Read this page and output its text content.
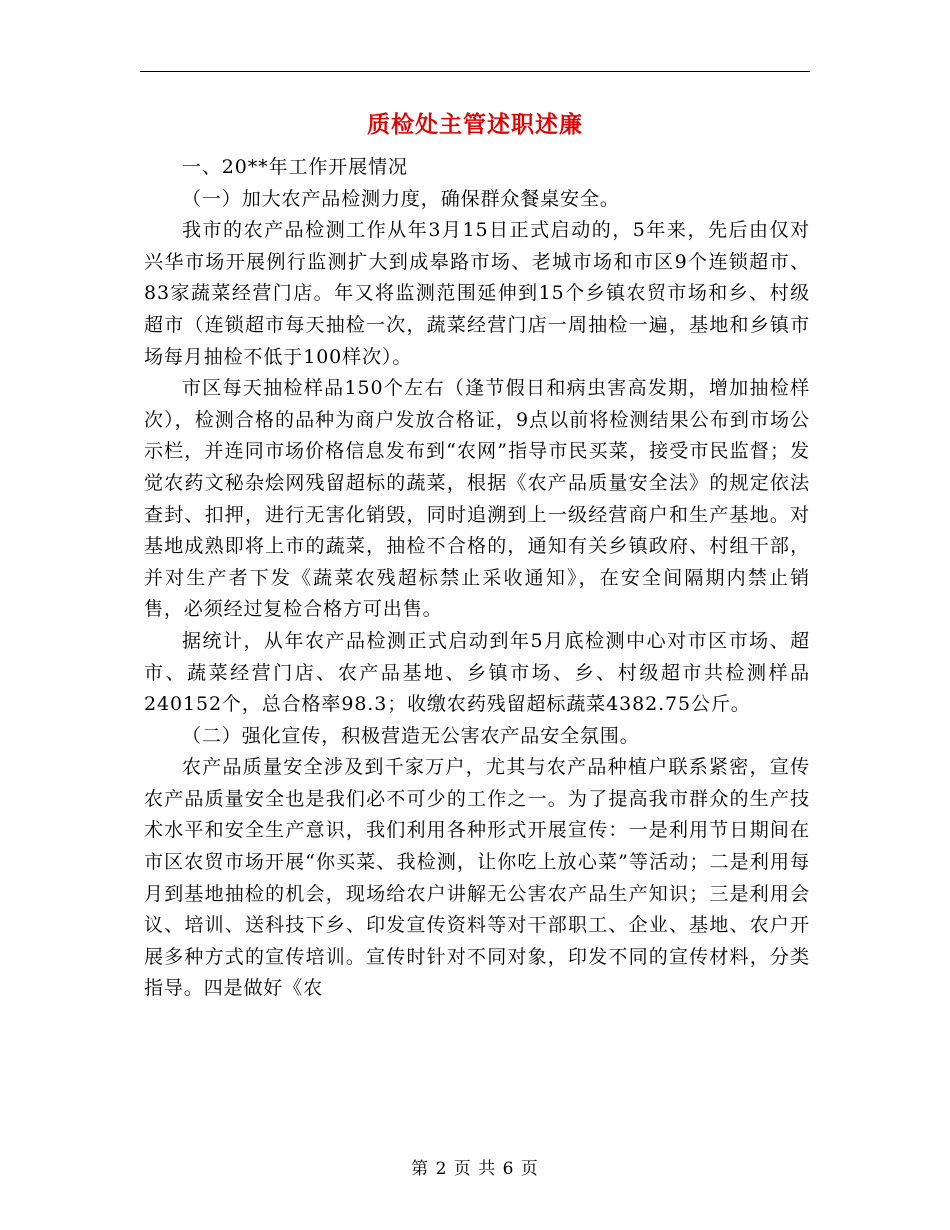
质检处主管述职述廉

一、20**年工作开展情况

（一）加大农产品检测力度，确保群众餐桌安全。

我市的农产品检测工作从年3月15日正式启动的，5年来，先后由仅对兴华市场开展例行监测扩大到成皋路市场、老城市场和市区9个连锁超市、83家蔬菜经营门店。年又将监测范围延伸到15个乡镇农贸市场和乡、村级超市（连锁超市每天抽检一次，蔬菜经营门店一周抽检一遍，基地和乡镇市场每月抽检不低于100样次）。

市区每天抽检样品150个左右（逢节假日和病虫害高发期，增加抽检样次），检测合格的品种为商户发放合格证，9点以前将检测结果公布到市场公示栏，并连同市场价格信息发布到“农网”指导市民买菜，接受市民监督；发觉农药文秘杂烩网残留超标的蔬菜，根据《农产品质量安全法》的规定依法查封、扣押，进行无害化销毁，同时追溯到上一级经营商户和生产基地。对基地成熟即将上市的蔬菜，抽检不合格的，通知有关乡镇政府、村组干部，并对生产者下发《蔬菜农残超标禁止采收通知》，在安全间隔期内禁止销售，必须经过复检合格方可出售。

据统计，从年农产品检测正式启动到年5月底检测中心对市区市场、超市、蔬菜经营门店、农产品基地、乡镇市场、乡、村级超市共检测样品240152个，总合格率98.3；收缴农药残留超标蔬菜4382.75公斤。

（二）强化宣传，积极营造无公害农产品安全氛围。

农产品质量安全涉及到千家万户，尤其与农产品种植户联系紧密，宣传农产品质量安全也是我们必不可少的工作之一。为了提高我市群众的生产技术水平和安全生产意识，我们利用各种形式开展宣传：一是利用节日期间在市区农贸市场开展“你买菜、我检测，让你吃上放心菜”等活动；二是利用每月到基地抽检的机会，现场给农户讲解无公害农产品生产知识；三是利用会议、培训、送科技下乡、印发宣传资料等对干部职工、企业、基地、农户开展多种方式的宣传培训。宣传时针对不同对象，印发不同的宣传材料，分类指导。四是做好《农

第 2 页 共 6 页
